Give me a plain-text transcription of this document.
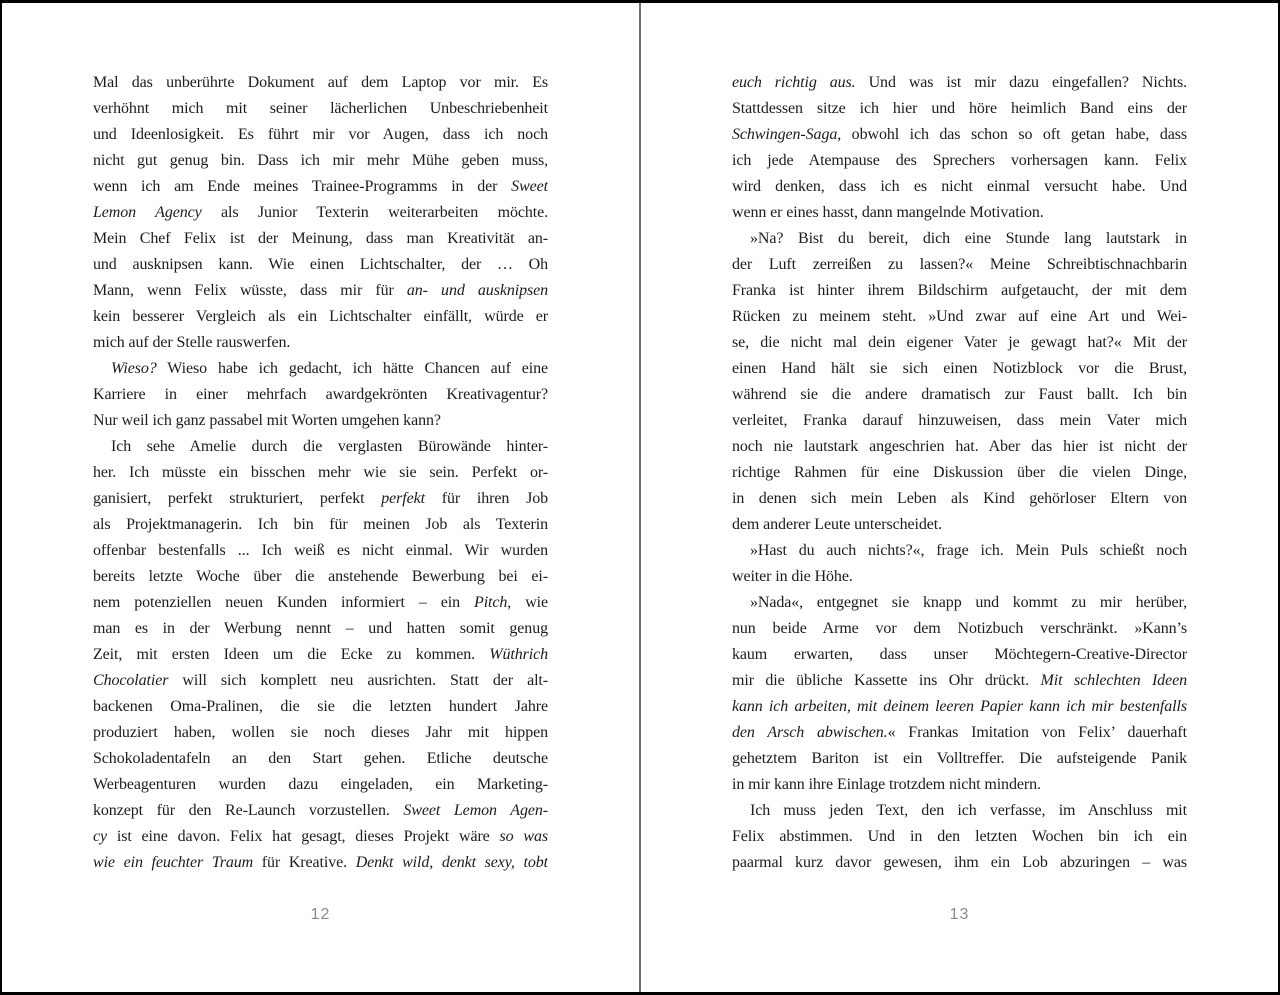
Mal das unberührte Dokument auf dem Laptop vor mir. Es
verhöhnt mich mit seiner lächerlichen Unbeschriebenheit
und Ideenlosigkeit. Es führt mir vor Augen, dass ich noch
nicht gut genug bin. Dass ich mir mehr Mühe geben muss,
wenn ich am Ende meines Trainee-Programms in der Sweet
Lemon Agency als Junior Texterin weiterarbeiten möchte.
Mein Chef Felix ist der Meinung, dass man Kreativität an-
und ausknipsen kann. Wie einen Lichtschalter, der … Oh
Mann, wenn Felix wüsste, dass mir für an- und ausknipsen
kein besserer Vergleich als ein Lichtschalter einfällt, würde er
mich auf der Stelle rauswerfen.
Wieso? Wieso habe ich gedacht, ich hätte Chancen auf eine
Karriere in einer mehrfach awardgekrönten Kreativagentur?
Nur weil ich ganz passabel mit Worten umgehen kann?
Ich sehe Amelie durch die verglasten Bürowände hinter-
her. Ich müsste ein bisschen mehr wie sie sein. Perfekt or-
ganisiert, perfekt strukturiert, perfekt perfekt für ihren Job
als Projektmanagerin. Ich bin für meinen Job als Texterin
offenbar bestenfalls ... Ich weiß es nicht einmal. Wir wurden
bereits letzte Woche über die anstehende Bewerbung bei ei-
nem potenziellen neuen Kunden informiert – ein Pitch, wie
man es in der Werbung nennt – und hatten somit genug
Zeit, mit ersten Ideen um die Ecke zu kommen. Wüthrich
Chocolatier will sich komplett neu ausrichten. Statt der alt-
backenen Oma-Pralinen, die sie die letzten hundert Jahre
produziert haben, wollen sie noch dieses Jahr mit hippen
Schokoladentafeln an den Start gehen. Etliche deutsche
Werbeagenturen wurden dazu eingeladen, ein Marketing-
konzept für den Re-Launch vorzustellen. Sweet Lemon Agen-
cy ist eine davon. Felix hat gesagt, dieses Projekt wäre so was
wie ein feuchter Traum für Kreative. Denkt wild, denkt sexy, tobt
12
euch richtig aus. Und was ist mir dazu eingefallen? Nichts.
Stattdessen sitze ich hier und höre heimlich Band eins der
Schwingen-Saga, obwohl ich das schon so oft getan habe, dass
ich jede Atempause des Sprechers vorhersagen kann. Felix
wird denken, dass ich es nicht einmal versucht habe. Und
wenn er eines hasst, dann mangelnde Motivation.
»Na? Bist du bereit, dich eine Stunde lang lautstark in
der Luft zerreißen zu lassen?« Meine Schreibtischnachbarin
Franka ist hinter ihrem Bildschirm aufgetaucht, der mit dem
Rücken zu meinem steht. »Und zwar auf eine Art und Wei-
se, die nicht mal dein eigener Vater je gewagt hat?« Mit der
einen Hand hält sie sich einen Notizblock vor die Brust,
während sie die andere dramatisch zur Faust ballt. Ich bin
verleitet, Franka darauf hinzuweisen, dass mein Vater mich
noch nie lautstark angeschrien hat. Aber das hier ist nicht der
richtige Rahmen für eine Diskussion über die vielen Dinge,
in denen sich mein Leben als Kind gehörloser Eltern von
dem anderer Leute unterscheidet.
»Hast du auch nichts?«, frage ich. Mein Puls schießt noch
weiter in die Höhe.
»Nada«, entgegnet sie knapp und kommt zu mir herüber,
nun beide Arme vor dem Notizbuch verschränkt. »Kann’s
kaum erwarten, dass unser Möchtegern-Creative-Director
mir die übliche Kassette ins Ohr drückt. Mit schlechten Ideen
kann ich arbeiten, mit deinem leeren Papier kann ich mir bestenfalls
den Arsch abwischen.« Frankas Imitation von Felix’ dauerhaft
gehetztem Bariton ist ein Volltreffer. Die aufsteigende Panik
in mir kann ihre Einlage trotzdem nicht mindern.
Ich muss jeden Text, den ich verfasse, im Anschluss mit
Felix abstimmen. Und in den letzten Wochen bin ich ein
paarmal kurz davor gewesen, ihm ein Lob abzuringen – was
13
